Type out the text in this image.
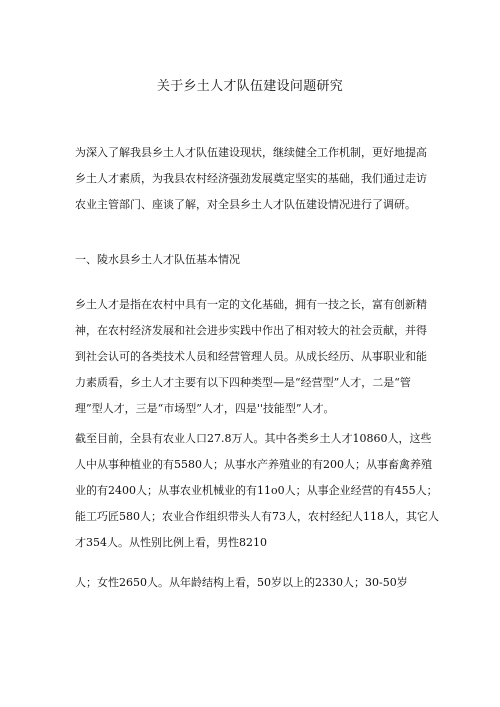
关于乡土人才队伍建设问题研究

为深入了解我县乡土人才队伍建设现状，继续健全工作机制，更好地提高
乡土人才素质，为我县农村经济强劲发展奠定坚实的基础，我们通过走访
农业主管部门、座谈了解，对全县乡土人才队伍建设情况进行了调研。

一、陵水县乡土人才队伍基本情况

乡土人才是指在农村中具有一定的文化基础，拥有一技之长，富有创新精
神，在农村经济发展和社会进步实践中作出了相对较大的社会贡献，并得
到社会认可的各类技术人员和经营管理人员。从成长经历、从事职业和能
力素质看，乡土人才主要有以下四种类型—是“经营型”人才，二是“管
理”型人才，三是“市场型”人才，四是''技能型”人才。

截至目前，全县有农业人口27.8万人。其中各类乡土人才10860人，这些
人中从事种植业的有5580人；从事水产养殖业的有200人；从事畜禽养殖
业的有2400人；从事农业机械业的有11o0人；从事企业经营的有455人；
能工巧匠580人；农业合作组织带头人有73人，农村经纪人118人，其它人
才354人。从性别比例上看，男性8210

人；女性2650人。从年龄结构上看，50岁以上的2330人；30-50岁
